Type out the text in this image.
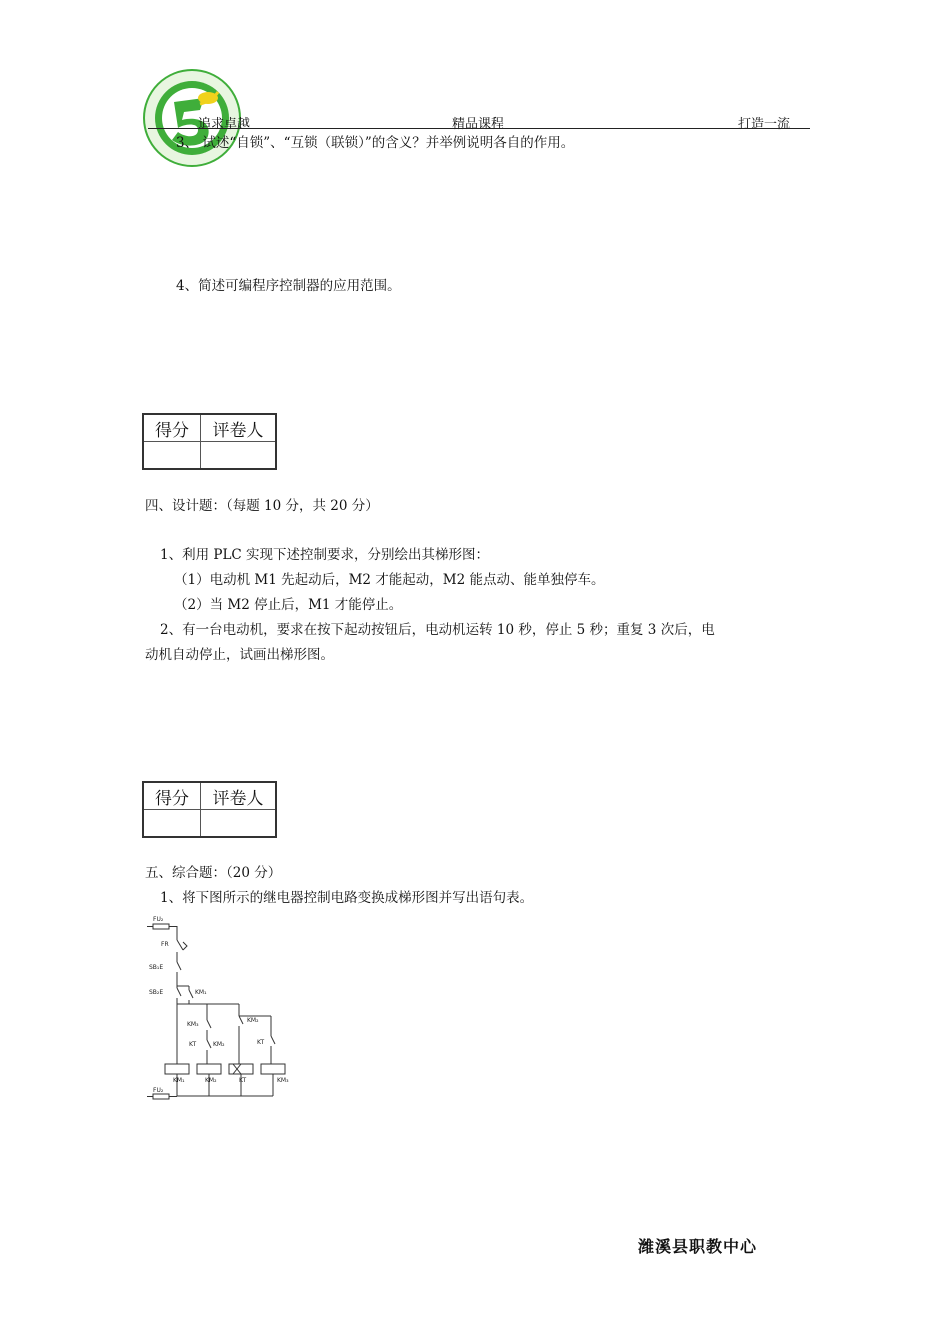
追求卓越	精品课程	打造一流
3、 试述“自锁”、“互锁（联锁）”的含义？并举例说明各自的作用。
4、简述可编程序控制器的应用范围。
得分	评卷人

四、设计题：（每题 10 分，共 20 分）
1、利用 PLC 实现下述控制要求，分别绘出其梯形图：
（1）电动机 M1 先起动后，M2 才能起动，M2 能点动、能单独停车。
（2）当 M2 停止后，M1 才能停止。
2、有一台电动机，要求在按下起动按钮后，电动机运转 10 秒，停止 5 秒；重复 3 次后，电
动机自动停止，试画出梯形图。
得分	评卷人

五、综合题：（20 分）
1、将下图所示的继电器控制电路变换成梯形图并写出语句表。
FU₂
FR
SB₁E
SB₂E	KM₁
KM₃
KM₂
KT	KM₂	KT
KM₁	KM₂	KT	KM₃
FU₂
潍溪县职教中心
